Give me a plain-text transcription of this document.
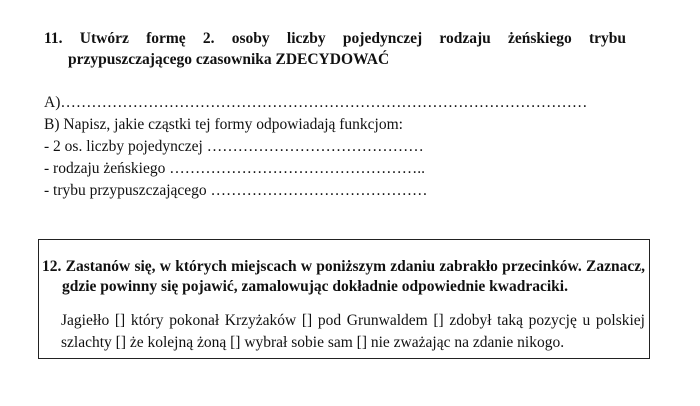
11. Utwórz formę 2. osoby liczby pojedynczej rodzaju żeńskiego trybu
przypuszczającego czasownika ZDECYDOWAĆ
A)…………………………………………………………………………………………
B) Napisz, jakie cząstki tej formy odpowiadają funkcjom:
- 2 os. liczby pojedynczej ……………………………………
- rodzaju żeńskiego …………………………………………..
- trybu przypuszczającego ……………………………………
12. Zastanów się, w których miejscach w poniższym zdaniu zabrakło przecinków. Zaznacz,
gdzie powinny się pojawić, zamalowując dokładnie odpowiednie kwadraciki.
Jagiełło [] który pokonał Krzyżaków [] pod Grunwaldem [] zdobył taką pozycję u polskiej
szlachty [] że kolejną żoną [] wybrał sobie sam [] nie zważając na zdanie nikogo.
